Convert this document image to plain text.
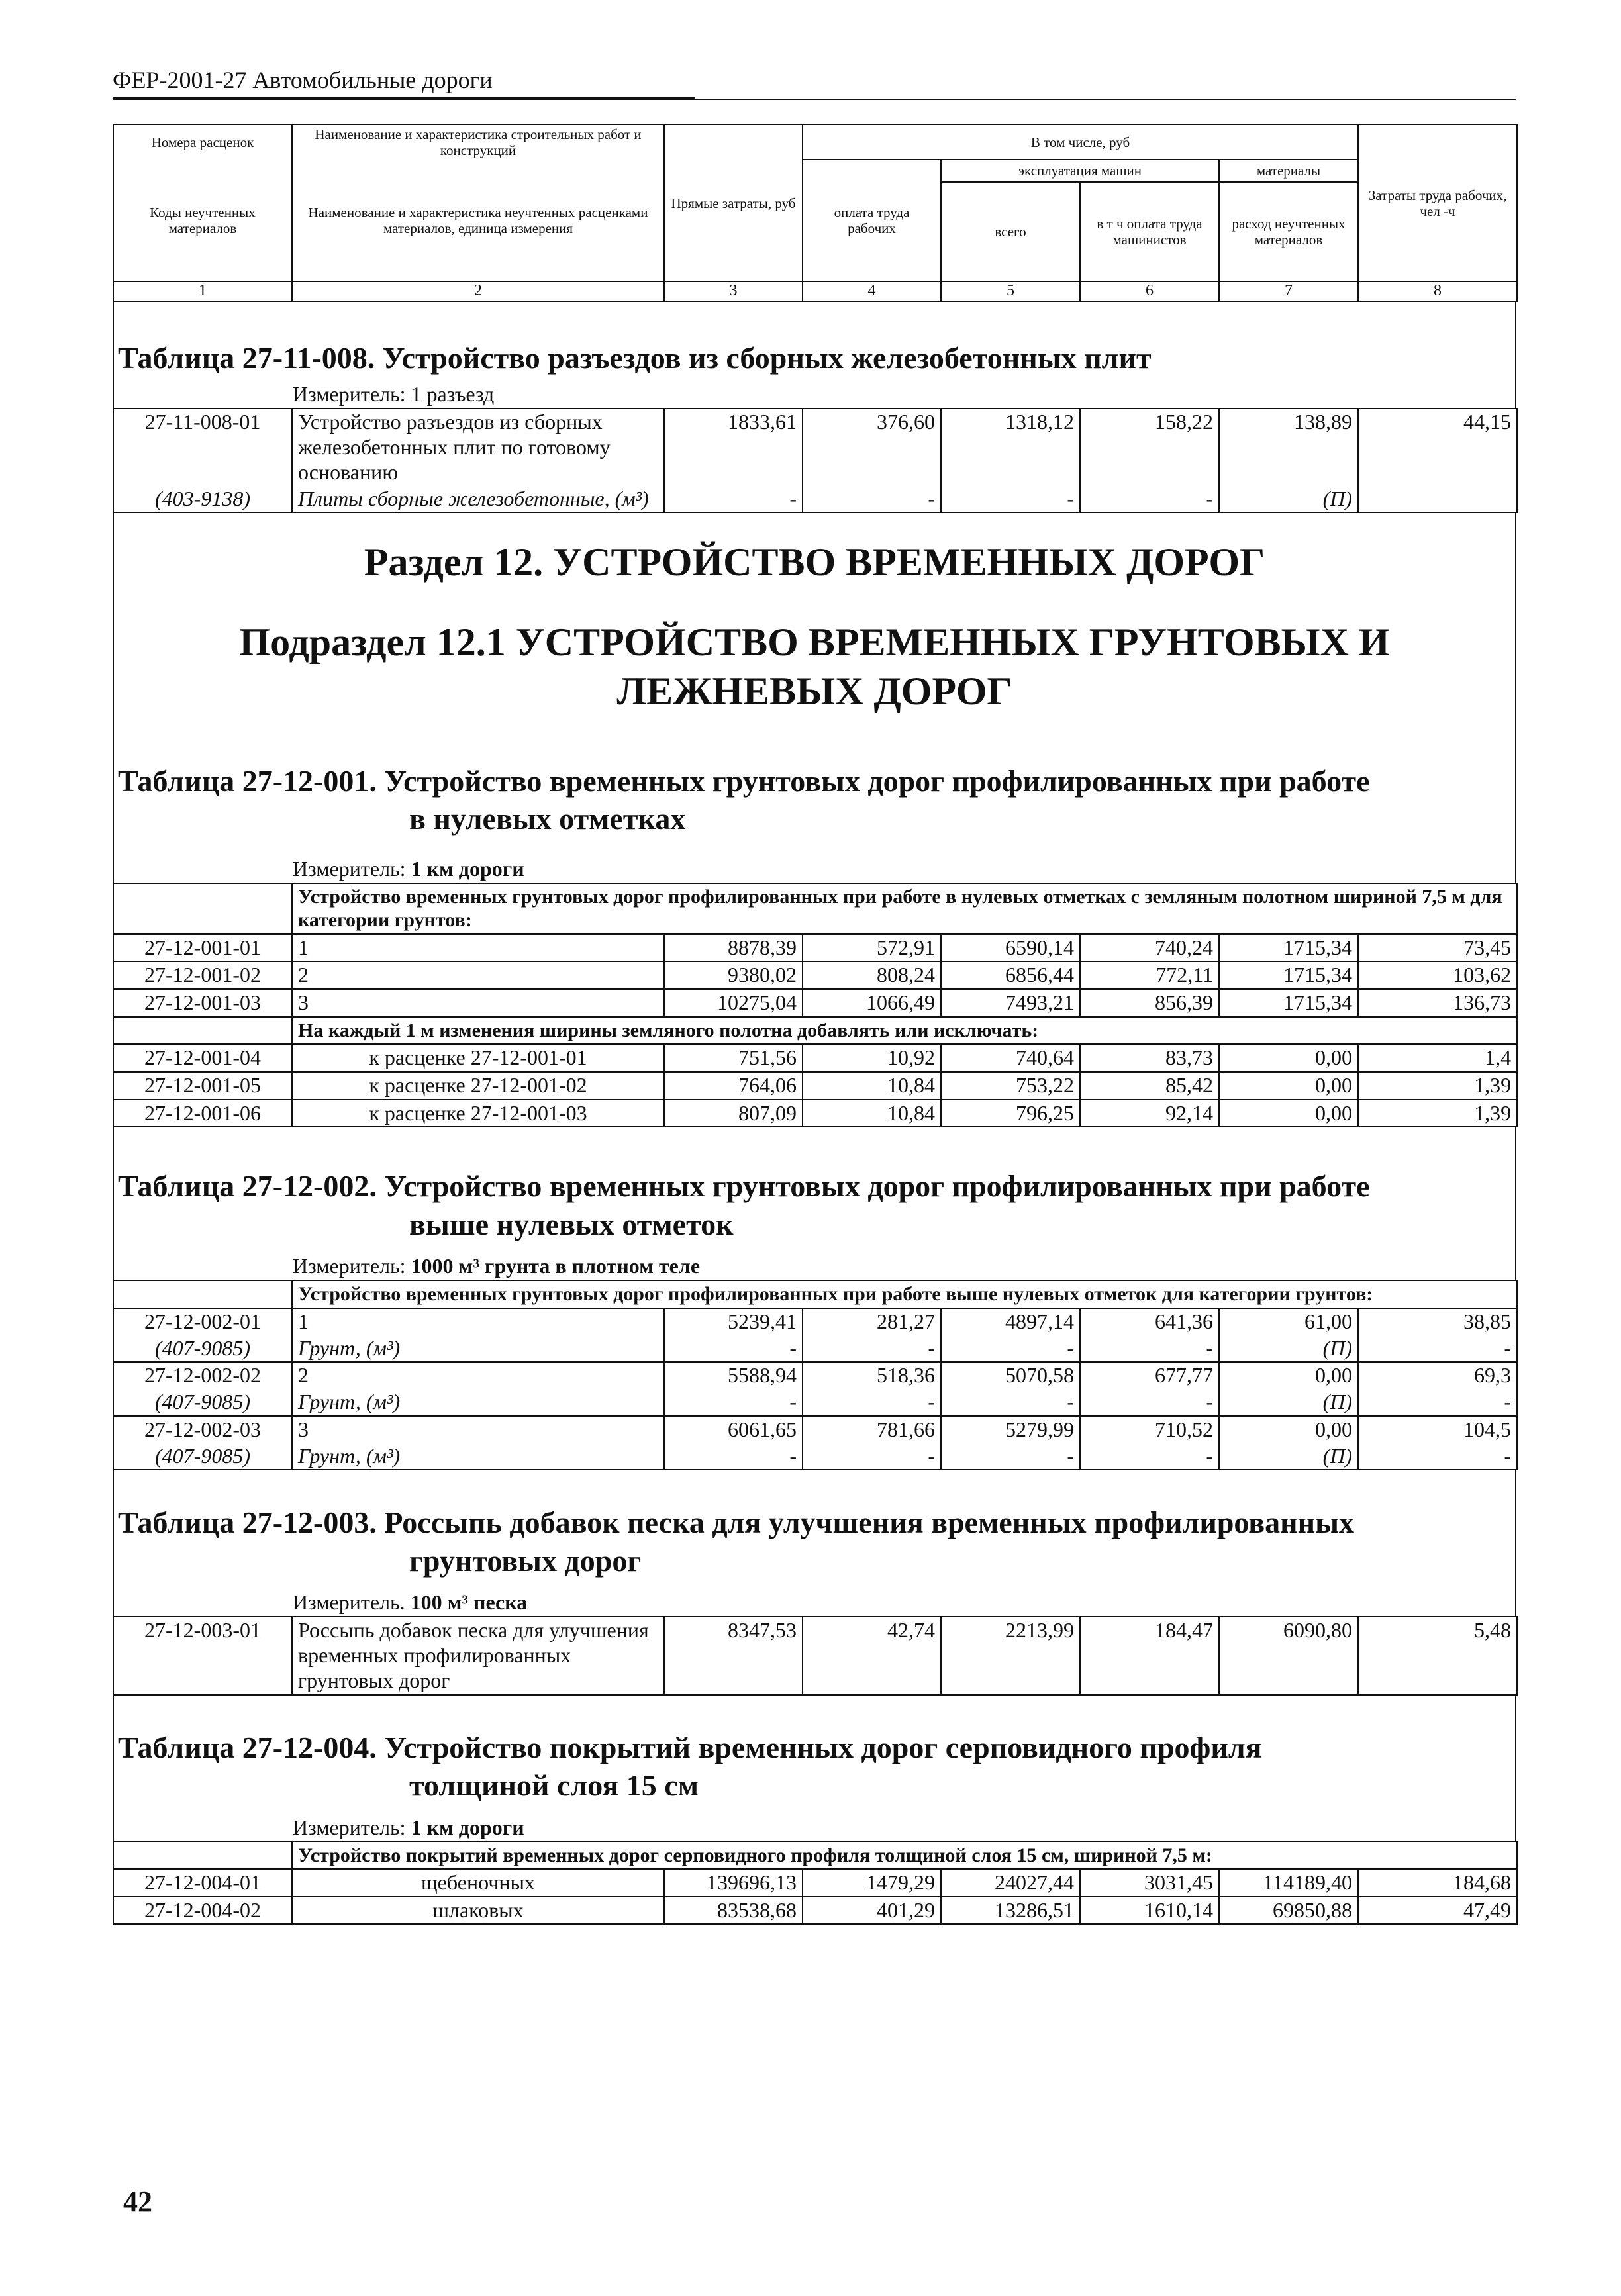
ФЕР-2001-27 Автомобильные дороги
Номера расценок	Наименование и характеристика строительных работ и конструкций	Прямые затраты, руб	В том числе, руб				Затраты труда рабочих, чел -ч
Коды неучтенных материалов	Наименование и характеристика неучтенных расценками материалов, единица измерения		оплата труда рабочих	эксплуатация машин		материалы	
				всего	в т ч оплата труда машинистов	расход неучтенных материалов	
1	2	3	4	5	6	7	8
Таблица 27-11-008. Устройство разъездов из сборных железобетонных плит
Измеритель: 1 разъезд
27-11-008-01	Устройство разъездов из сборных железобетонных плит по готовому основанию	1833,61	376,60	1318,12	158,22	138,89	44,15
(403-9138)	Плиты сборные железобетонные, (м³)	-	-	-	-	(П)	
Раздел 12. УСТРОЙСТВО ВРЕМЕННЫХ ДОРОГ
Подраздел 12.1 УСТРОЙСТВО ВРЕМЕННЫХ ГРУНТОВЫХ И ЛЕЖНЕВЫХ ДОРОГ
Таблица 27-12-001. Устройство временных грунтовых дорог профилированных при работе
в нулевых отметках
Измеритель: 1 км дороги
	Устройство временных грунтовых дорог профилированных при работе в нулевых отметках с земляным полотном шириной 7,5 м для категории грунтов:						
27-12-001-01	1	8878,39	572,91	6590,14	740,24	1715,34	73,45
27-12-001-02	2	9380,02	808,24	6856,44	772,11	1715,34	103,62
27-12-001-03	3	10275,04	1066,49	7493,21	856,39	1715,34	136,73
	На каждый 1 м изменения ширины земляного полотна добавлять или исключать:						
27-12-001-04	к расценке 27-12-001-01	751,56	10,92	740,64	83,73	0,00	1,4
27-12-001-05	к расценке 27-12-001-02	764,06	10,84	753,22	85,42	0,00	1,39
27-12-001-06	к расценке 27-12-001-03	807,09	10,84	796,25	92,14	0,00	1,39
Таблица 27-12-002. Устройство временных грунтовых дорог профилированных при работе
выше нулевых отметок
Измеритель: 1000 м³ грунта в плотном теле
	Устройство временных грунтовых дорог профилированных при работе выше нулевых отметок для категории грунтов:						
27-12-002-01	1	5239,41	281,27	4897,14	641,36	61,00	38,85
(407-9085)	Грунт, (м³)	-	-	-	-	(П)	-
27-12-002-02	2	5588,94	518,36	5070,58	677,77	0,00	69,3
(407-9085)	Грунт, (м³)	-	-	-	-	(П)	-
27-12-002-03	3	6061,65	781,66	5279,99	710,52	0,00	104,5
(407-9085)	Грунт, (м³)	-	-	-	-	(П)	-
Таблица 27-12-003. Россыпь добавок песка для улучшения временных профилированных
грунтовых дорог
Измеритель. 100 м³ песка
27-12-003-01	Россыпь добавок песка для улучшения временных профилированных грунтовых дорог	8347,53	42,74	2213,99	184,47	6090,80	5,48
Таблица 27-12-004. Устройство покрытий временных дорог серповидного профиля
толщиной слоя 15 см
Измеритель: 1 км дороги
	Устройство покрытий временных дорог серповидного профиля толщиной слоя 15 см, шириной 7,5 м:						
27-12-004-01	щебеночных	139696,13	1479,29	24027,44	3031,45	114189,40	184,68
27-12-004-02	шлаковых	83538,68	401,29	13286,51	1610,14	69850,88	47,49
42
